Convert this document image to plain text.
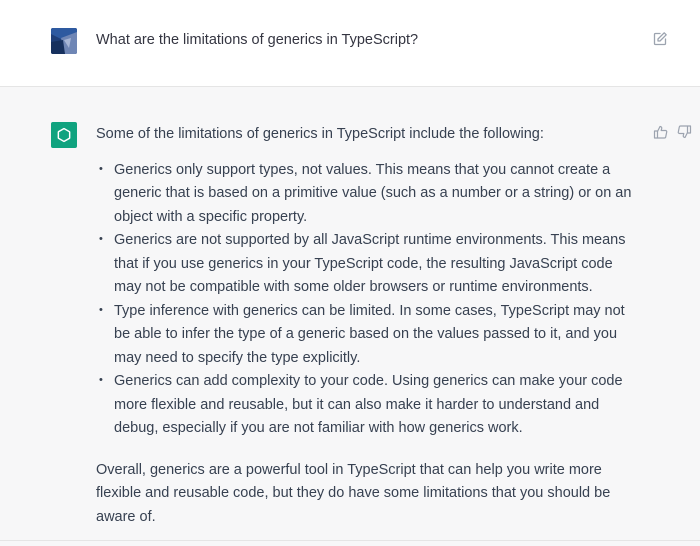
What are the limitations of generics in TypeScript?

Some of the limitations of generics in TypeScript include the following:

• Generics only support types, not values. This means that you cannot create a generic that is based on a primitive value (such as a number or a string) or on an object with a specific property.
• Generics are not supported by all JavaScript runtime environments. This means that if you use generics in your TypeScript code, the resulting JavaScript code may not be compatible with some older browsers or runtime environments.
• Type inference with generics can be limited. In some cases, TypeScript may not be able to infer the type of a generic based on the values passed to it, and you may need to specify the type explicitly.
• Generics can add complexity to your code. Using generics can make your code more flexible and reusable, but it can also make it harder to understand and debug, especially if you are not familiar with how generics work.

Overall, generics are a powerful tool in TypeScript that can help you write more flexible and reusable code, but they do have some limitations that you should be aware of.
